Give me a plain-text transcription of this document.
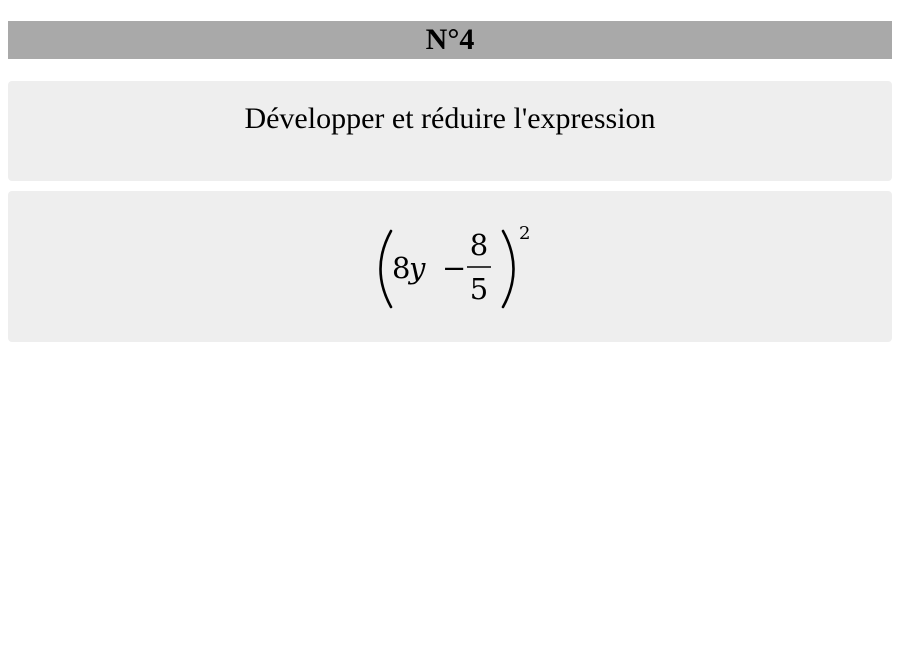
N°4
Développer et réduire l'expression
8
y −
8
5
2
